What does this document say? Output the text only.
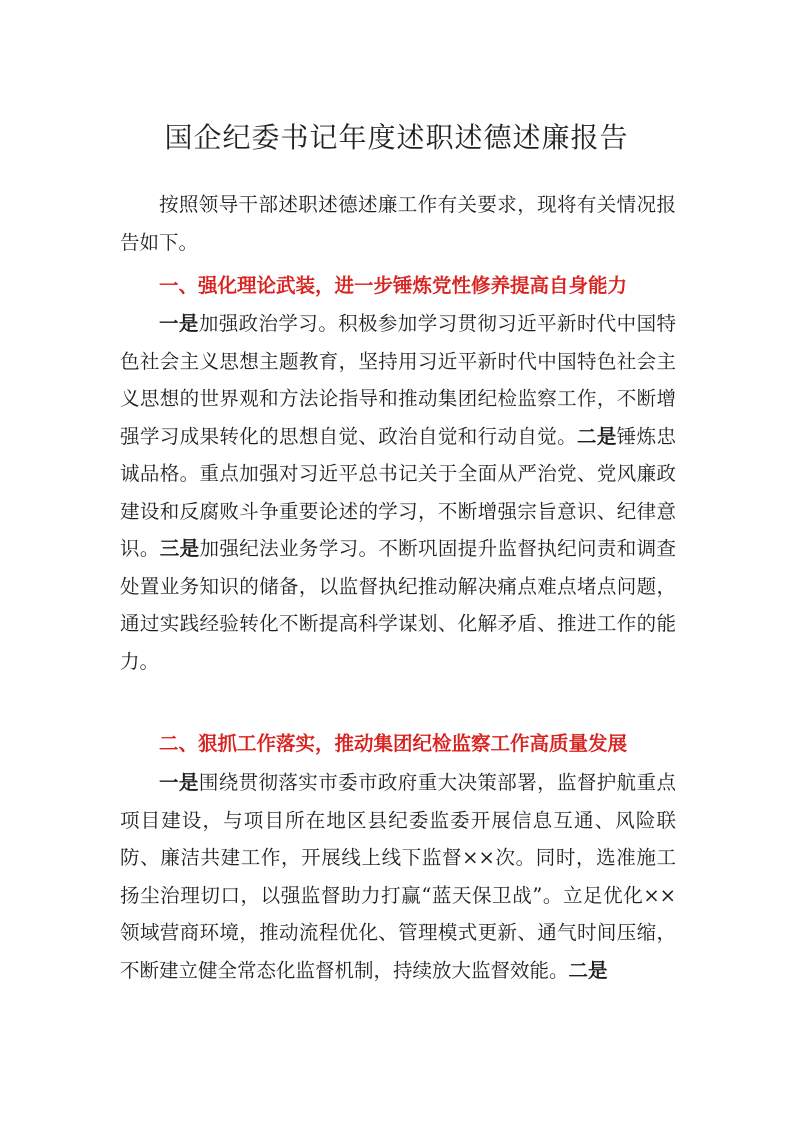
国企纪委书记年度述职述德述廉报告

按照领导干部述职述德述廉工作有关要求，现将有关情况报告如下。

一、强化理论武装，进一步锤炼党性修养提高自身能力

一是加强政治学习。积极参加学习贯彻习近平新时代中国特色社会主义思想主题教育，坚持用习近平新时代中国特色社会主义思想的世界观和方法论指导和推动集团纪检监察工作，不断增强学习成果转化的思想自觉、政治自觉和行动自觉。二是锤炼忠诚品格。重点加强对习近平总书记关于全面从严治党、党风廉政建设和反腐败斗争重要论述的学习，不断增强宗旨意识、纪律意识。三是加强纪法业务学习。不断巩固提升监督执纪问责和调查处置业务知识的储备，以监督执纪推动解决痛点难点堵点问题，通过实践经验转化不断提高科学谋划、化解矛盾、推进工作的能力。

二、狠抓工作落实，推动集团纪检监察工作高质量发展

一是围绕贯彻落实市委市政府重大决策部署，监督护航重点项目建设，与项目所在地区县纪委监委开展信息互通、风险联防、廉洁共建工作，开展线上线下监督××次。同时，选准施工扬尘治理切口，以强监督助力打赢“蓝天保卫战”。立足优化××领域营商环境，推动流程优化、管理模式更新、通气时间压缩，不断建立健全常态化监督机制，持续放大监督效能。二是
